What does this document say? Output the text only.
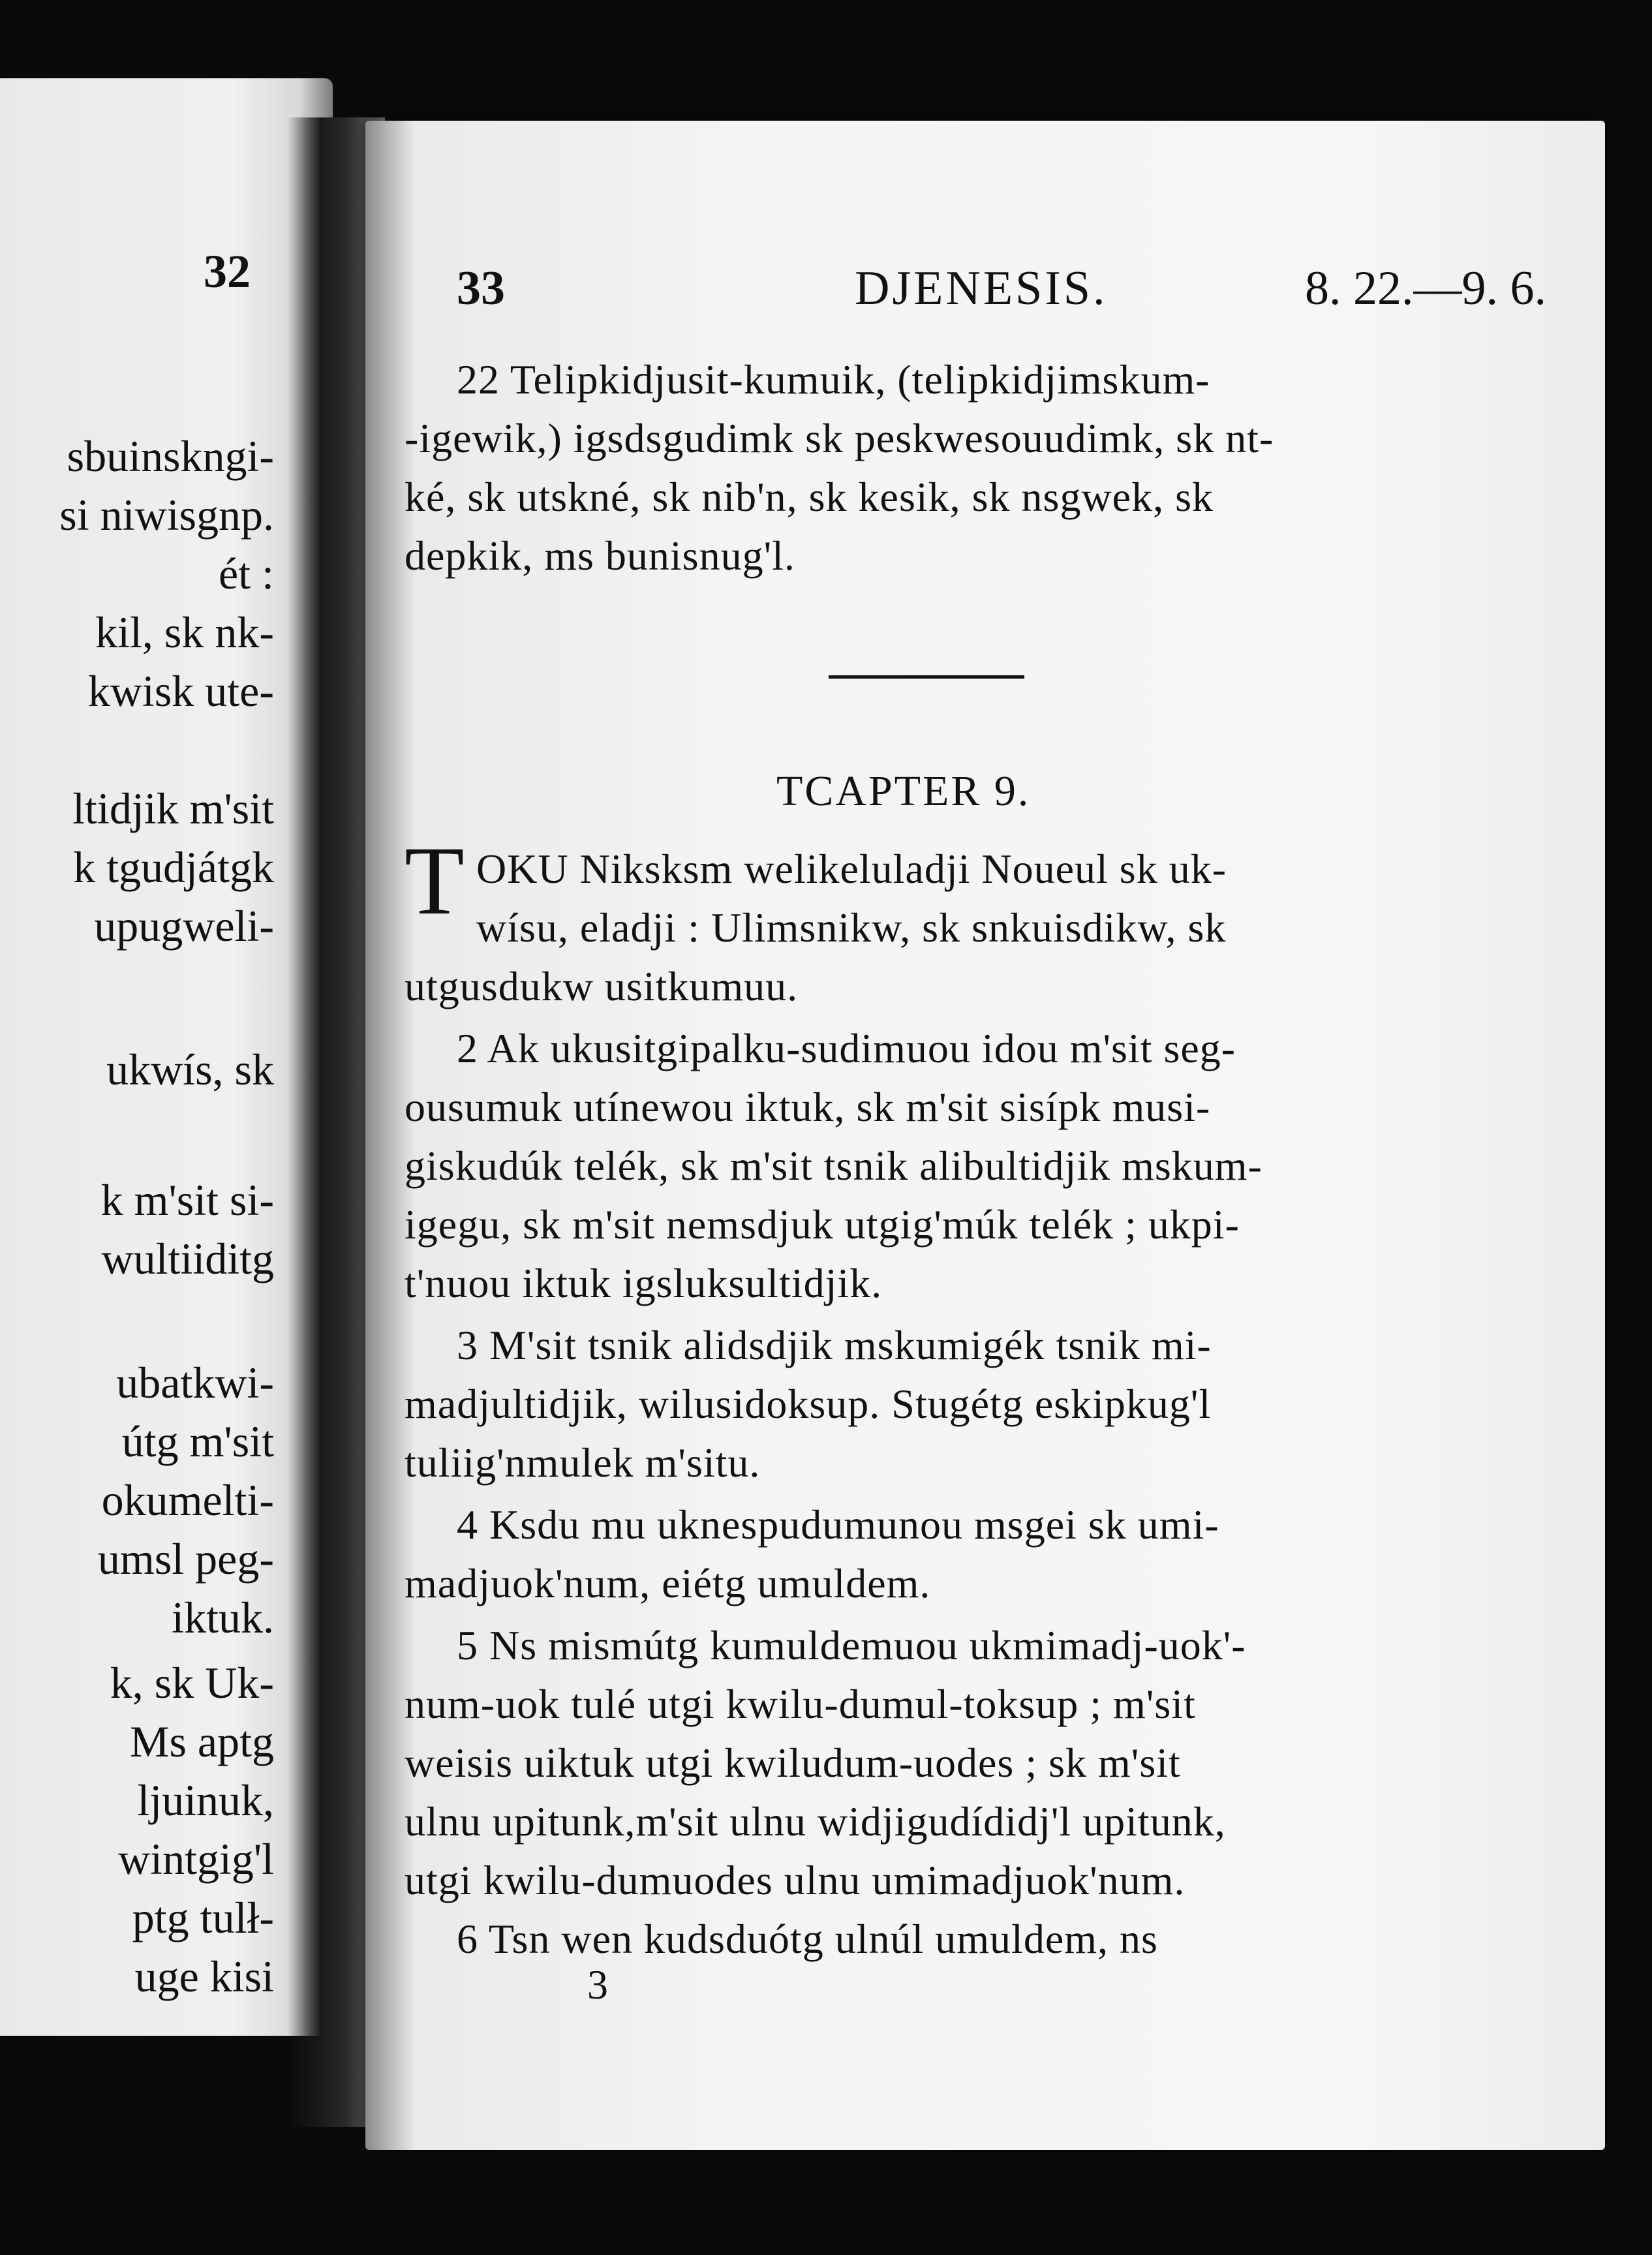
32
sbuinskngi-
si niwisgnp.
ét :
kil, sk nk-
kwisk ute-
ltidjik m'sit
k tgudjátgk
upugweli-
ukwís, sk
k m'sit si-
wultiiditg
ubatkwi-
útg m'sit
okumelti-
umsl peg-
iktuk.
k, sk Uk-
Ms aptg
ljuinuk,
wintgig'l
ptg tulł-
uge kisi
33	DJENESIS.	8. 22.—9. 6.
22 Telipkidjusit-kumuik, (telipkidjimskum-
-igewik,) igsdsgudimk sk peskwesouudimk, sk nt-
ké, sk utskné, sk nib'n, sk kesik, sk nsgwek, sk
depkik, ms bunisnug'l.
TCAPTER 9.
T OKU Niksksm welikeluladji Noueul sk uk-
wísu, eladji : Ulimsnikw, sk snkuisdikw, sk
utgusdukw usitkumuu.
2 Ak ukusitgipalku-sudimuou idou m'sit seg-
ousumuk utínewou iktuk, sk m'sit sisípk musi-
giskudúk telék, sk m'sit tsnik alibultidjik mskum-
igegu, sk m'sit nemsdjuk utgig'múk telék ; ukpi-
t'nuou iktuk igsluksultidjik.
3 M'sit tsnik alidsdjik mskumigék tsnik mi-
madjultidjik, wilusidoksup. Stugétg eskipkug'l
tuliig'nmulek m'situ.
4 Ksdu mu uknespudumunou msgei sk umi-
madjuok'num, eiétg umuldem.
5 Ns mismútg kumuldemuou ukmimadj-uok'-
num-uok tulé utgi kwilu-dumul-toksup ; m'sit
weisis uiktuk utgi kwiludum-uodes ; sk m'sit
ulnu upitunk,m'sit ulnu widjigudídidj'l upitunk,
utgi kwilu-dumuodes ulnu umimadjuok'num.
6 Tsn wen kudsduótg ulnúl umuldem, ns
3
